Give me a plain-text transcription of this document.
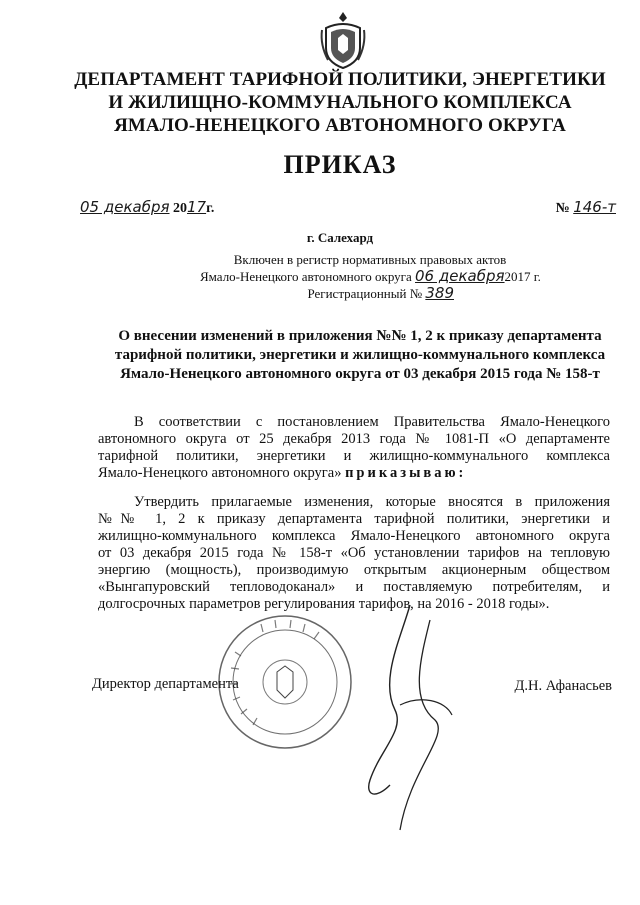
ДЕПАРТАМЕНТ ТАРИФНОЙ ПОЛИТИКИ, ЭНЕРГЕТИКИ
И ЖИЛИЩНО-КОММУНАЛЬНОГО КОМПЛЕКСА
ЯМАЛО-НЕНЕЦКОГО АВТОНОМНОГО ОКРУГА
ПРИКАЗ
05 декабря 2017г.	№ 146-т
г. Салехард
Включен в регистр нормативных правовых актов
Ямало-Ненецкого автономного округа 06 декабря2017 г.
Регистрационный № 389
О внесении изменений в приложения №№ 1, 2 к приказу департамента
тарифной политики, энергетики и жилищно-коммунального комплекса
Ямало-Ненецкого автономного округа от 03 декабря 2015 года № 158-т
В соответствии с постановлением Правительства Ямало-Ненецкого
автономного округа от 25 декабря 2013 года № 1081-П «О департаменте
тарифной политики, энергетики и жилищно-коммунального комплекса
Ямало-Ненецкого автономного округа» приказываю:
Утвердить прилагаемые изменения, которые вносятся в приложения
№№ 1, 2 к приказу департамента тарифной политики, энергетики и
жилищно-коммунального комплекса Ямало-Ненецкого автономного округа
от 03 декабря 2015 года № 158-т «Об установлении тарифов на тепловую
энергию (мощность), производимую открытым акционерным обществом
«Вынгапуровский тепловодоканал» и поставляемую потребителям, и
долгосрочных параметров регулирования тарифов, на 2016 - 2018 годы».
Директор департамента	Д.Н. Афанасьев
